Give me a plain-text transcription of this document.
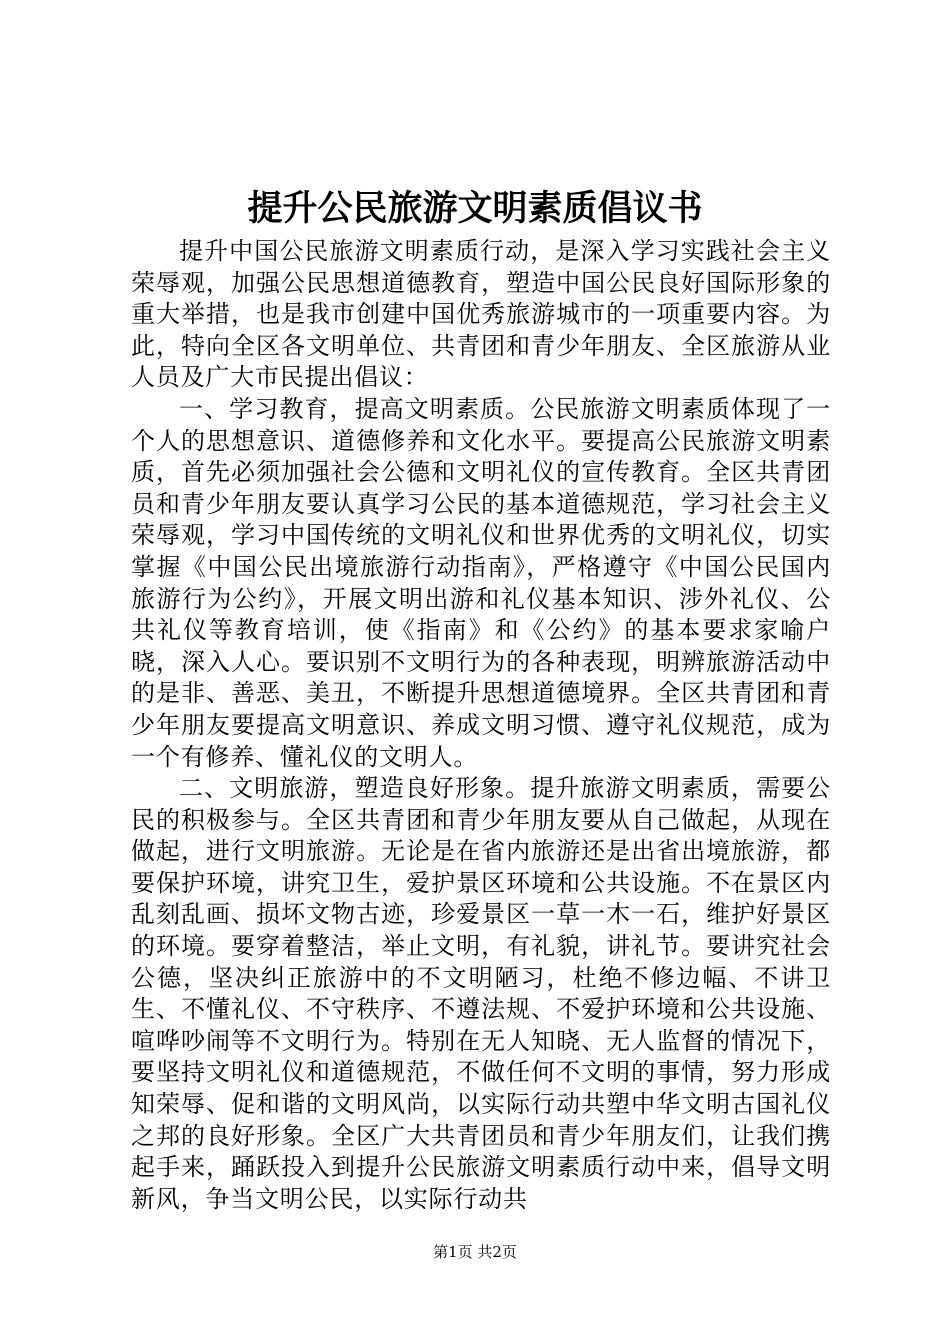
提升公民旅游文明素质倡议书

提升中国公民旅游文明素质行动，是深入学习实践社会主义荣辱观，加强公民思想道德教育，塑造中国公民良好国际形象的重大举措，也是我市创建中国优秀旅游城市的一项重要内容。为此，特向全区各文明单位、共青团和青少年朋友、全区旅游从业人员及广大市民提出倡议：

一、学习教育，提高文明素质。公民旅游文明素质体现了一个人的思想意识、道德修养和文化水平。要提高公民旅游文明素质，首先必须加强社会公德和文明礼仪的宣传教育。全区共青团员和青少年朋友要认真学习公民的基本道德规范，学习社会主义荣辱观，学习中国传统的文明礼仪和世界优秀的文明礼仪，切实掌握《中国公民出境旅游行动指南》，严格遵守《中国公民国内旅游行为公约》，开展文明出游和礼仪基本知识、涉外礼仪、公共礼仪等教育培训，使《指南》和《公约》的基本要求家喻户晓，深入人心。要识别不文明行为的各种表现，明辨旅游活动中的是非、善恶、美丑，不断提升思想道德境界。全区共青团和青少年朋友要提高文明意识、养成文明习惯、遵守礼仪规范，成为一个有修养、懂礼仪的文明人。

二、文明旅游，塑造良好形象。提升旅游文明素质，需要公民的积极参与。全区共青团和青少年朋友要从自己做起，从现在做起，进行文明旅游。无论是在省内旅游还是出省出境旅游，都要保护环境，讲究卫生，爱护景区环境和公共设施。不在景区内乱刻乱画、损坏文物古迹，珍爱景区一草一木一石，维护好景区的环境。要穿着整洁，举止文明，有礼貌，讲礼节。要讲究社会公德，坚决纠正旅游中的不文明陋习，杜绝不修边幅、不讲卫生、不懂礼仪、不守秩序、不遵法规、不爱护环境和公共设施、喧哗吵闹等不文明行为。特别在无人知晓、无人监督的情况下，要坚持文明礼仪和道德规范，不做任何不文明的事情，努力形成知荣辱、促和谐的文明风尚，以实际行动共塑中华文明古国礼仪之邦的良好形象。全区广大共青团员和青少年朋友们，让我们携起手来，踊跃投入到提升公民旅游文明素质行动中来，倡导文明新风，争当文明公民，以实际行动共

第1页 共2页
